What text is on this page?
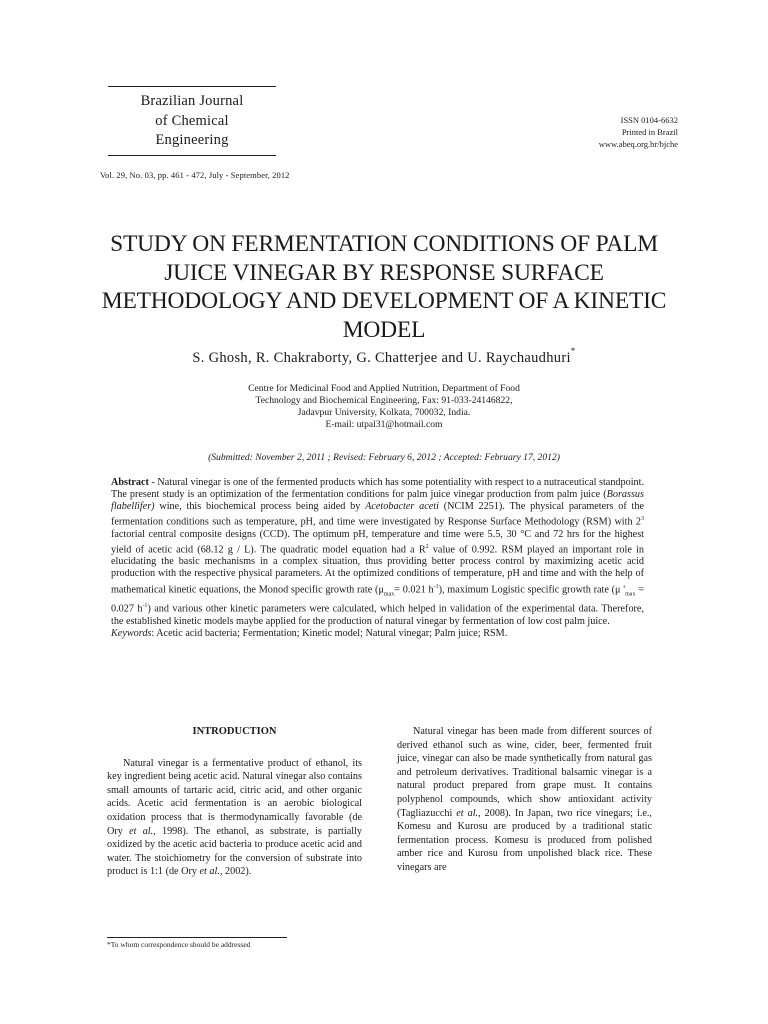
Brazilian Journal
of Chemical
Engineering
ISSN 0104-6632
Printed in Brazil
www.abeq.org.br/bjche
Vol. 29, No. 03, pp. 461 - 472, July - September, 2012
STUDY ON FERMENTATION CONDITIONS OF PALM JUICE VINEGAR BY RESPONSE SURFACE METHODOLOGY AND DEVELOPMENT OF A KINETIC MODEL
S. Ghosh, R. Chakraborty, G. Chatterjee and U. Raychaudhuri*
Centre for Medicinal Food and Applied Nutrition, Department of Food
Technology and Biochemical Engineering, Fax: 91-033-24146822,
Jadavpur University, Kolkata, 700032, India.
E-mail: utpal31@hotmail.com
(Submitted: November 2, 2011 ; Revised: February 6, 2012 ; Accepted: February 17, 2012)
Abstract - Natural vinegar is one of the fermented products which has some potentiality with respect to a nutraceutical standpoint. The present study is an optimization of the fermentation conditions for palm juice vinegar production from palm juice (Borassus flabellifer) wine, this biochemical process being aided by Acetobacter aceti (NCIM 2251). The physical parameters of the fermentation conditions such as temperature, pH, and time were investigated by Response Surface Methodology (RSM) with $2^3$ factorial central composite designs (CCD). The optimum pH, temperature and time were 5.5, 30 °C and 72 hrs for the highest yield of acetic acid (68.12 g / L). The quadratic model equation had a $R^2$ value of 0.992. RSM played an important role in elucidating the basic mechanisms in a complex situation, thus providing better process control by maximizing acetic acid production with the respective physical parameters. At the optimized conditions of temperature, pH and time and with the help of mathematical kinetic equations, the Monod specific growth rate ($\mu_{max}= 0.021$ $h^{-1}$), maximum Logistic specific growth rate (μ '$_{max} = 0.027$ $h^{-1}$) and various other kinetic parameters were calculated, which helped in validation of the experimental data. Therefore, the established kinetic models maybe applied for the production of natural vinegar by fermentation of low cost palm juice.
Keywords: Acetic acid bacteria; Fermentation; Kinetic model; Natural vinegar; Palm juice; RSM.
INTRODUCTION

Natural vinegar is a fermentative product of ethanol, its key ingredient being acetic acid. Natural vinegar also contains small amounts of tartaric acid, citric acid, and other organic acids. Acetic acid fermentation is an aerobic biological oxidation process that is thermodynamically favorable (de Ory et al., 1998). The ethanol, as substrate, is partially oxidized by the acetic acid bacteria to produce acetic acid and water. The stoichiometry for the conversion of substrate into product is 1:1 (de Ory et al., 2002).

Natural vinegar has been made from different sources of derived ethanol such as wine, cider, beer, fermented fruit juice, vinegar can also be made synthetically from natural gas and petroleum derivatives. Traditional balsamic vinegar is a natural product prepared from grape must. It contains polyphenol compounds, which show antioxidant activity (Tagliazucchi et al., 2008). In Japan, two rice vinegars; i.e., Komesu and Kurosu are produced by a traditional static fermentation process. Komesu is produced from polished amber rice and Kurosu from unpolished black rice. These vinegars are

*To whom correspondence should be addressed
